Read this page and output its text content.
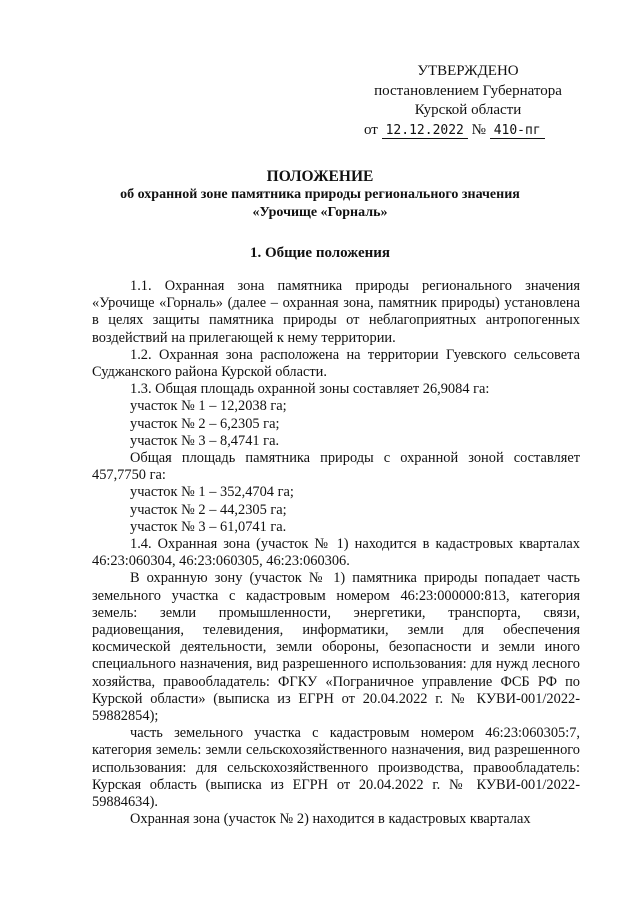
УТВЕРЖДЕНО
постановлением Губернатора
Курской области
от 12.12.2022 № 410-пг
ПОЛОЖЕНИЕ
об охранной зоне памятника природы регионального значения
«Урочище «Горналь»
1. Общие положения

1.1. Охранная зона памятника природы регионального значения «Урочище «Горналь» (далее – охранная зона, памятник природы) установлена в целях защиты памятника природы от неблагоприятных антропогенных воздействий на прилегающей к нему территории.

1.2. Охранная зона расположена на территории Гуевского сельсовета Суджанского района Курской области.

1.3. Общая площадь охранной зоны составляет 26,9084 га:

участок № 1 – 12,2038 га;

участок № 2 – 6,2305 га;

участок № 3 – 8,4741 га.

Общая площадь памятника природы с охранной зоной составляет 457,7750 га:

участок № 1 – 352,4704 га;

участок № 2 – 44,2305 га;

участок № 3 – 61,0741 га.

1.4. Охранная зона (участок № 1) находится в кадастровых кварталах 46:23:060304, 46:23:060305, 46:23:060306.

В охранную зону (участок № 1) памятника природы попадает часть земельного участка с кадастровым номером 46:23:000000:813, категория земель: земли промышленности, энергетики, транспорта, связи, радиовещания, телевидения, информатики, земли для обеспечения космической деятельности, земли обороны, безопасности и земли иного специального назначения, вид разрешенного использования: для нужд лесного хозяйства, правообладатель: ФГКУ «Пограничное управление ФСБ РФ по Курской области» (выписка из ЕГРН от 20.04.2022 г. № КУВИ-001/2022-59882854);

часть земельного участка с кадастровым номером 46:23:060305:7, категория земель: земли сельскохозяйственного назначения, вид разрешенного использования: для сельскохозяйственного производства, правообладатель: Курская область (выписка из ЕГРН от 20.04.2022 г. № КУВИ-001/2022-59884634).

Охранная зона (участок № 2) находится в кадастровых кварталах
